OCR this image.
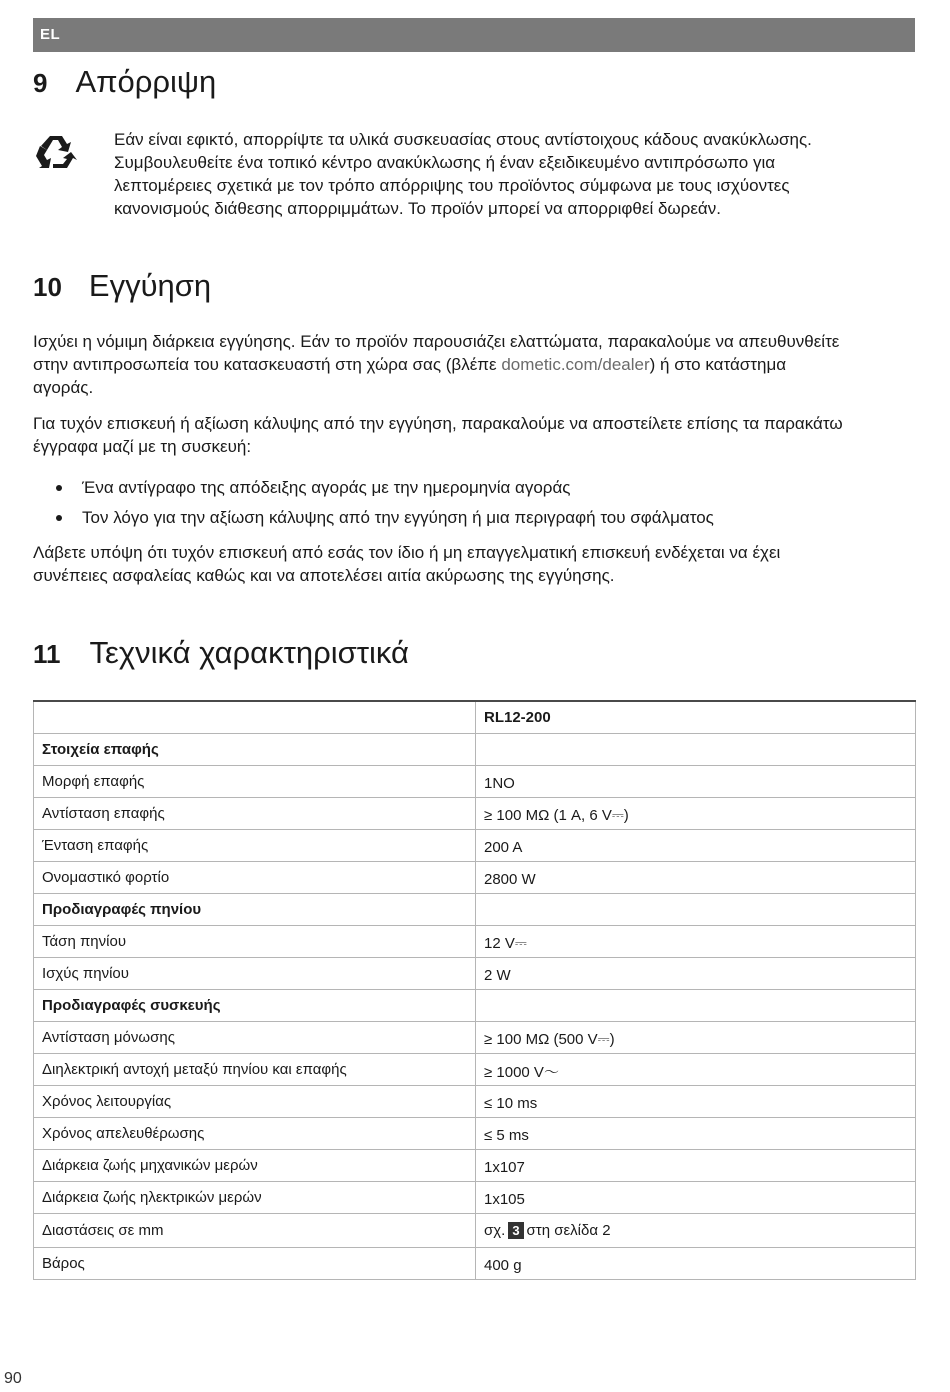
EL
9 Απόρριψη
Εάν είναι εφικτό, απορρίψτε τα υλικά συσκευασίας στους αντίστοιχους κάδους ανακύκλωσης.
Συμβουλευθείτε ένα τοπικό κέντρο ανακύκλωσης ή έναν εξειδικευμένο αντιπρόσωπο για
λεπτομέρειες σχετικά με τον τρόπο απόρριψης του προϊόντος σύμφωνα με τους ισχύοντες
κανονισμούς διάθεσης απορριμμάτων. Το προϊόν μπορεί να απορριφθεί δωρεάν.
10 Εγγύηση
Ισχύει η νόμιμη διάρκεια εγγύησης. Εάν το προϊόν παρουσιάζει ελαττώματα, παρακαλούμε να απευθυνθείτε
στην αντιπροσωπεία του κατασκευαστή στη χώρα σας (βλέπε dometic.com/dealer) ή στο κατάστημα
αγοράς.
Για τυχόν επισκευή ή αξίωση κάλυψης από την εγγύηση, παρακαλούμε να αποστείλετε επίσης τα παρακάτω
έγγραφα μαζί με τη συσκευή:
Ένα αντίγραφο της απόδειξης αγοράς με την ημερομηνία αγοράς
Τον λόγο για την αξίωση κάλυψης από την εγγύηση ή μια περιγραφή του σφάλματος
Λάβετε υπόψη ότι τυχόν επισκευή από εσάς τον ίδιο ή μη επαγγελματική επισκευή ενδέχεται να έχει
συνέπειες ασφαλείας καθώς και να αποτελέσει αιτία ακύρωσης της εγγύησης.
11 Τεχνικά χαρακτηριστικά
	RL12-200
Στοιχεία επαφής	
Μορφή επαφής	1NO
Αντίσταση επαφής	≥ 100 MΩ (1 A, 6 V⎓)
Ένταση επαφής	200 A
Ονομαστικό φορτίο	2800 W
Προδιαγραφές πηνίου	
Τάση πηνίου	12 V⎓
Ισχύς πηνίου	2 W
Προδιαγραφές συσκευής	
Αντίσταση μόνωσης	≥ 100 MΩ (500 V⎓)
Διηλεκτρική αντοχή μεταξύ πηνίου και επαφής	≥ 1000 V〜
Χρόνος λειτουργίας	≤ 10 ms
Χρόνος απελευθέρωσης	≤ 5 ms
Διάρκεια ζωής μηχανικών μερών	1x107
Διάρκεια ζωής ηλεκτρικών μερών	1x105
Διαστάσεις σε mm	σχ. 3 στη σελίδα 2
Βάρος	400 g
90
